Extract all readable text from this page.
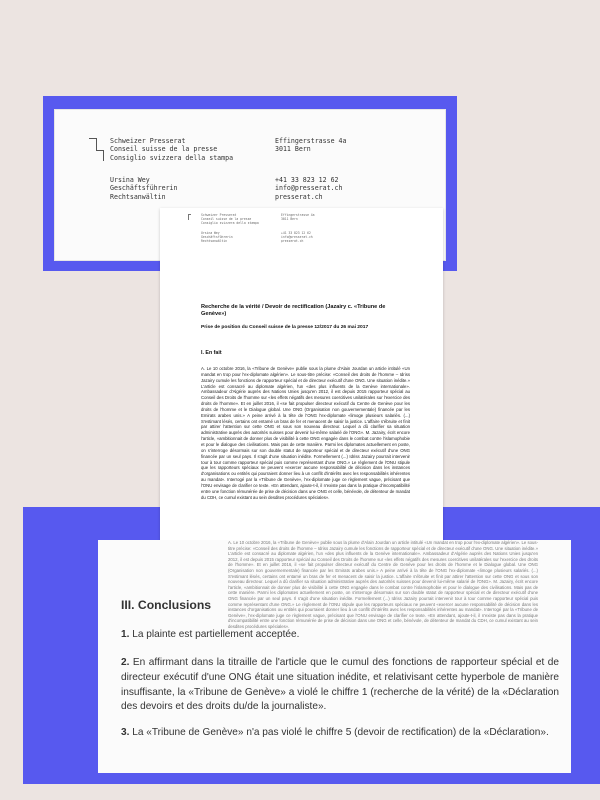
Schweizer Presserat
Conseil suisse de la presse
Consiglio svizzera della stampa
Effingerstrasse 4a
3011 Bern
Ursina Wey
Geschäftsführerin
Rechtsanwältin
+41 33 823 12 62
info@presserat.ch
presserat.ch
Schweizer Presserat
Conseil suisse de la presse
Consiglio svizzera della stampa
Effingerstrasse 4a
3011 Bern
Ursina Wey
Geschäftsführerin
Rechtsanwältin
+41 33 823 12 62
info@presserat.ch
presserat.ch
Recherche de la vérité / Devoir de rectification (Jazairy c. «Tribune de Genève»)
Prise de position du Conseil suisse de la presse 12/2017 du 26 mai 2017
I. En fait

A. Le 10 octobre 2016, la «Tribune de Genève» publie sous la plume d'Alain Jourdan un article intitulé «Un mandat en trop pour l'ex-diplomate algérien». Le sous-titre précise: «Conseil des droits de l'homme – Idriss Jazairy cumule les fonctions de rapporteur spécial et de directeur exécutif d'une ONG. Une situation inédite.» L'article est consacré au diplomate algérien, l'un «des plus influents de la Genève internationale». Ambassadeur d'Algérie auprès des Nations Unies jusqu'en 2012, il est depuis 2015 rapporteur spécial au Conseil des Droits de l'homme sur «les effets négatifs des mesures coercitives unilatérales sur l'exercice des droits de l'homme». Et en juillet 2016, il «se fait propulser directeur exécutif du Centre de Genève pour les droits de l'homme et le Dialogue global. Une ONG (Organisation non gouvernementale) financée par les Emirats arabes unis.» A peine arrivé à la tête de l'ONG l'ex-diplomate «limoge plusieurs salariés. (...) S'estimant lésés, certains ont entamé un bras de fer et menacent de saisir la justice. L'affaire s'ébruite et finit par attirer l'attention sur cette ONG et sous son nouveau directeur. Lequel a dû clarifier sa situation administrative auprès des autorités suisses pour devenir lui-même salarié de l'ONG». M. Jazairy, écrit encore l'article, «ambitionnait de donner plus de visibilité à cette ONG engagée dans le combat contre l'islamophobie et pour le dialogue des civilisations. Mais pas de cette manière. Parmi les diplomates actuellement en poste, on s'interroge désormais sur son double statut de rapporteur spécial et de directeur exécutif d'une ONG financée par un seul pays. Il s'agit d'une situation inédite. Formellement (...) Idriss Jazairy pourrait intervenir tour à tour comme rapporteur spécial puis comme représentant d'une ONG.» Le règlement de l'ONU stipule que les rapporteurs spéciaux ne peuvent «exercer aucune responsabilité de décision dans les instances d'organisations ou entités qui pourraient donner lieu à un conflit d'intérêts avec les responsabilités inhérentes au mandat». Interrogé par la «Tribune de Genève», l'ex-diplomate juge ce règlement vague, précisant que l'ONU envisage de clarifier ce texte. «En attendant, ajoute-t-il, il n'existe pas dans la pratique d'incompatibilité entre une fonction rémunérée de prise de décision dans une ONG et celle, bénévole, de détenteur de mandat du CDH, ce cumul existant au sein desdites procédures spéciales».

A. Le 10 octobre 2016, la «Tribune de Genève» publie sous la plume d'Alain Jourdan un article intitulé «Un mandat en trop pour l'ex-diplomate algérien». Le sous-titre précise: «Conseil des droits de l'homme – Idriss Jazairy cumule les fonctions de rapporteur spécial et de directeur exécutif d'une ONG. Une situation inédite.» L'article est consacré au diplomate algérien, l'un «des plus influents de la Genève internationale». Ambassadeur d'Algérie auprès des Nations Unies jusqu'en 2012, il est depuis 2015 rapporteur spécial au Conseil des Droits de l'homme sur «les effets négatifs des mesures coercitives unilatérales sur l'exercice des droits de l'homme». Et en juillet 2016, il «se fait propulser directeur exécutif du Centre de Genève pour les droits de l'homme et le Dialogue global. Une ONG (Organisation non gouvernementale) financée par les Emirats arabes unis.» A peine arrivé à la tête de l'ONG l'ex-diplomate «limoge plusieurs salariés. (...) S'estimant lésés, certains ont entamé un bras de fer et menacent de saisir la justice. L'affaire s'ébruite et finit par attirer l'attention sur cette ONG et sous son nouveau directeur. Lequel a dû clarifier sa situation administrative auprès des autorités suisses pour devenir lui-même salarié de l'ONG». M. Jazairy, écrit encore l'article, «ambitionnait de donner plus de visibilité à cette ONG engagée dans le combat contre l'islamophobie et pour le dialogue des civilisations. Mais pas de cette manière. Parmi les diplomates actuellement en poste, on s'interroge désormais sur son double statut de rapporteur spécial et de directeur exécutif d'une ONG financée par un seul pays. Il s'agit d'une situation inédite. Formellement (...) Idriss Jazairy pourrait intervenir tour à tour comme rapporteur spécial puis comme représentant d'une ONG.» Le règlement de l'ONU stipule que les rapporteurs spéciaux ne peuvent «exercer aucune responsabilité de décision dans les instances d'organisations ou entités qui pourraient donner lieu à un conflit d'intérêts avec les responsabilités inhérentes au mandat». Interrogé par la «Tribune de Genève», l'ex-diplomate juge ce règlement vague, précisant que l'ONU envisage de clarifier ce texte. «En attendant, ajoute-t-il, il n'existe pas dans la pratique d'incompatibilité entre une fonction rémunérée de prise de décision dans une ONG et celle, bénévole, de détenteur de mandat du CDH, ce cumul existant au sein desdites procédures spéciales».
III. Conclusions
1. La plainte est partiellement acceptée.
2. En affirmant dans la titraille de l'article que le cumul des fonctions de rapporteur spécial et de directeur exécutif d'une ONG était une situation inédite, et relativisant cette hyperbole de manière insuffisante, la «Tribune de Genève» a violé le chiffre 1 (recherche de la vérité) de la «Déclaration des devoirs et des droits du/de la journaliste».
3. La «Tribune de Genève» n'a pas violé le chiffre 5 (devoir de rectification) de la «Déclaration».
